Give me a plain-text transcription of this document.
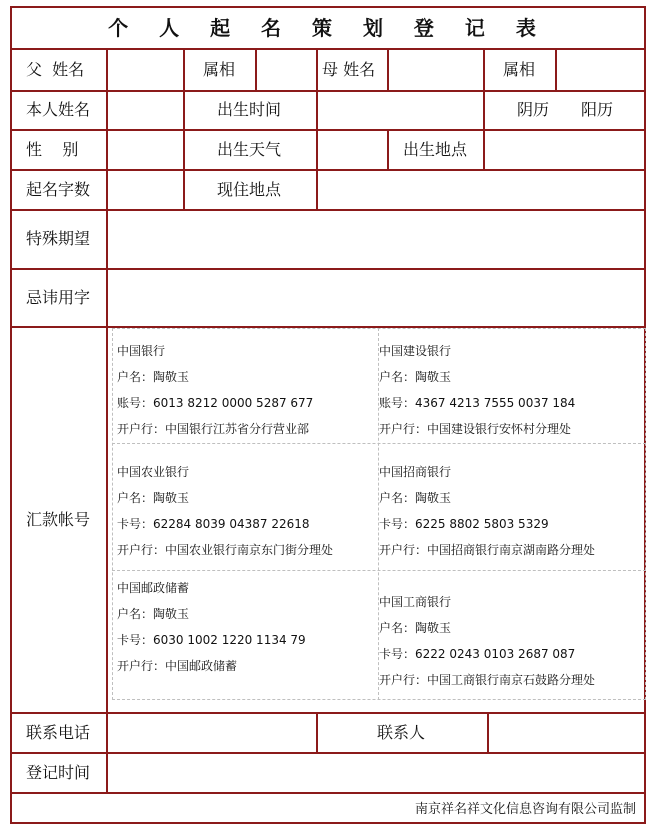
个 人 起 名 策 划 登 记 表
父  姓名	属相	母 姓名	属相
本人姓名	出生时间	阴历 阳历
性    别	出生天气	出生地点
起名字数	现住地点
特殊期望
忌讳用字
汇款帐号
联系电话	联系人
登记时间
中国银行
户名：陶敬玉
账号：6013 8212 0000 5287 677
开户行：中国银行江苏省分行营业部
中国建设银行
户名：陶敬玉
账号：4367 4213 7555 0037 184
开户行：中国建设银行安怀村分理处
中国农业银行
户名：陶敬玉
卡号：62284 8039 04387 22618
开户行：中国农业银行南京东门街分理处
中国招商银行
户名：陶敬玉
卡号：6225 8802 5803 5329
开户行：中国招商银行南京湖南路分理处
中国邮政储蓄
户名：陶敬玉
卡号：6030 1002 1220 1134 79
开户行：中国邮政储蓄
中国工商银行
户名：陶敬玉
卡号：6222 0243 0103 2687 087
开户行：中国工商银行南京石鼓路分理处
南京祥名祥文化信息咨询有限公司监制
